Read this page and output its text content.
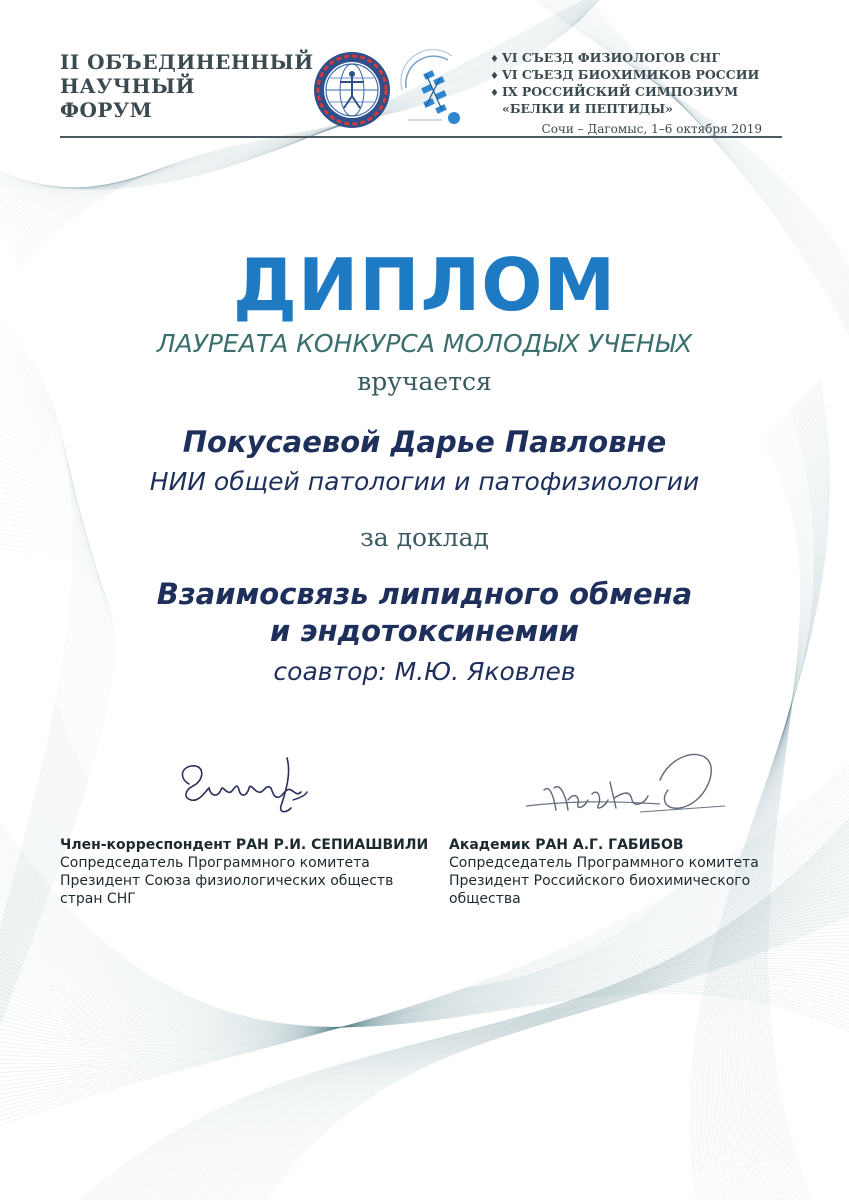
II ОБЪЕДИНЕННЫЙ
НАУЧНЫЙ
ФОРУМ
♦ VI СЪЕЗД ФИЗИОЛОГОВ СНГ
♦ VI СЪЕЗД БИОХИМИКОВ РОССИИ
♦ IX РОССИЙСКИЙ СИМПОЗИУМ
«БЕЛКИ И ПЕПТИДЫ»
Сочи – Дагомыс, 1–6 октября 2019
ДИПЛОМ
ЛАУРЕАТА КОНКУРСА МОЛОДЫХ УЧЕНЫХ
вручается
Покусаевой Дарье Павловне
НИИ общей патологии и патофизиологии
за доклад
Взаимосвязь липидного обмена
и эндотоксинемии
соавтор: М.Ю. Яковлев
Член-корреспондент РАН Р.И. СЕПИАШВИЛИ
Сопредседатель Программного комитета
Президент Союза физиологических обществ
стран СНГ
Академик РАН А.Г. ГАБИБОВ
Сопредседатель Программного комитета
Президент Российского биохимического
общества
